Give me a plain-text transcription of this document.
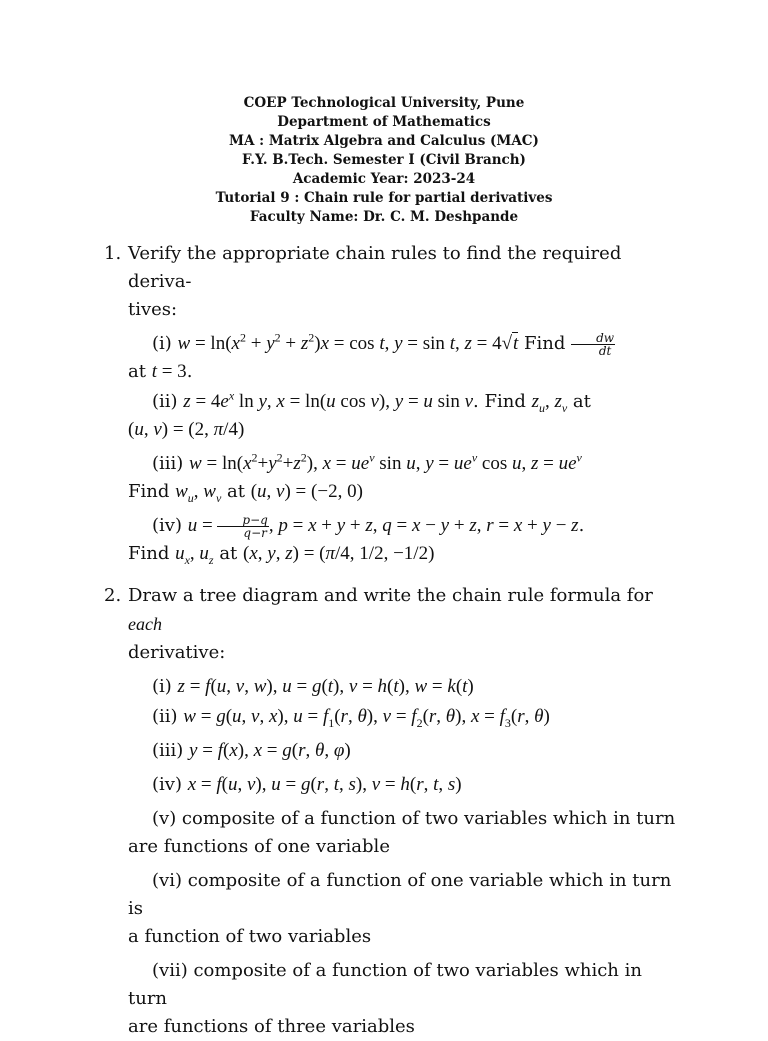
COEP Technological University, Pune
Department of Mathematics
MA : Matrix Algebra and Calculus (MAC)
F.Y. B.Tech. Semester I (Civil Branch)
Academic Year: 2023-24
Tutorial 9 : Chain rule for partial derivatives
Faculty Name: Dr. C. M. Deshpande
1. Verify the appropriate chain rules to find the required deriva-
tives:
(i) $w = \ln(x^2 + y^2 + z^2)x = \cos t$, y = sin t, z = 4√t Find $\frac{dw}{dt}$

at t = 3.
(ii) $z = 4e^x$ ln y, x = ln(u cos v), y = u sin v. Find $z_u$, $z_v$ at
(u, v) = (2, π/4)
(iii) $w = \ln(x^2+y^2+z^2)$, $x = ue^v$ sin u, $y = ue^v$ cos u, $z = ue^v$
Find $w_u$, $w_v$ at (u, v) = (−2, 0)
(iv) $u = \frac{p-q}{q-r}$ , p = x + y + z, q = x − y + z, r = x + y − z.
Find $u_x$, $u_z$ at (x, y, z) = (π/4, 1/2, −1/2)
2. Draw a tree diagram and write the chain rule formula for each
derivative:
(i) z = f(u, v, w), u = g(t), v = h(t), w = k(t)
(ii) w = g(u, v, x), $u = f_1(r$, θ), $v = f_2(r$, θ), $x = f_3(r$, θ)
(iii) y = f(x), x = g(r, θ, φ)
(iv) x = f(u, v), u = g(r, t, s), v = h(r, t, s)
(v) composite of a function of two variables which in turn
are functions of one variable
(vi) composite of a function of one variable which in turn is
a function of two variables
(vii) composite of a function of two variables which in turn
are functions of three variables
